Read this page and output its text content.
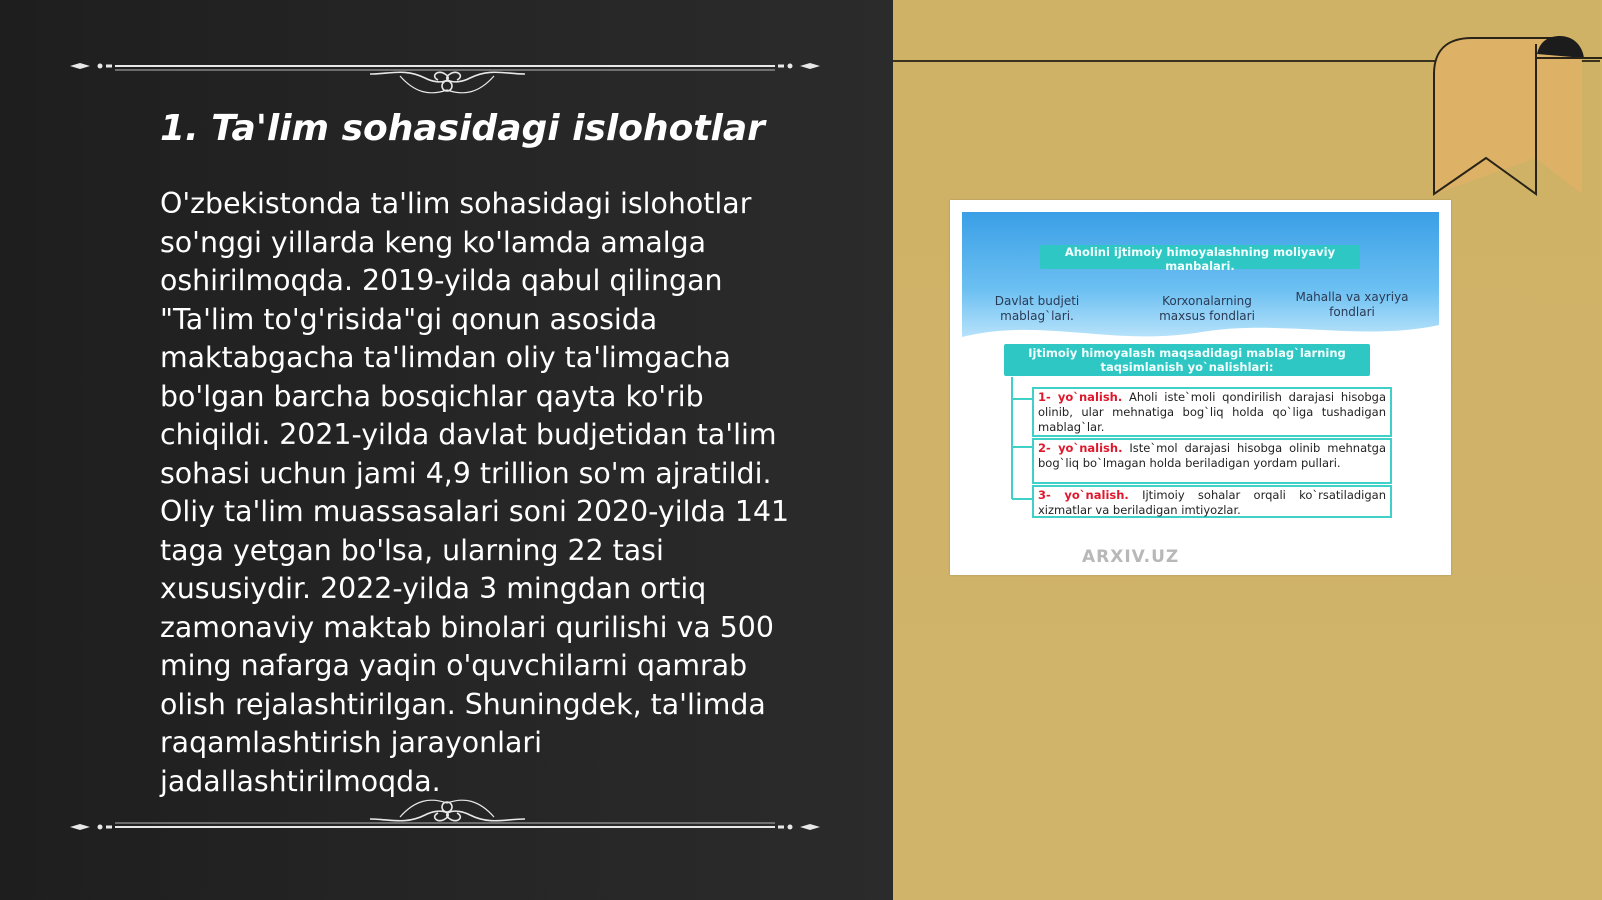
1. Ta'lim sohasidagi islohotlar

O'zbekistonda ta'lim sohasidagi islohotlar so'nggi yillarda keng ko'lamda amalga oshirilmoqda. 2019-yilda qabul qilingan "Ta'lim to'g'risida"gi qonun asosida maktabgacha ta'limdan oliy ta'limgacha bo'lgan barcha bosqichlar qayta ko'rib chiqildi. 2021-yilda davlat budjetidan ta'lim sohasi uchun jami 4,9 trillion so'm ajratildi. Oliy ta'lim muassasalari soni 2020-yilda 141 taga yetgan bo'lsa, ularning 22 tasi xususiydir. 2022-yilda 3 mingdan ortiq zamonaviy maktab binolari qurilishi va 500 ming nafarga yaqin o'quvchilarni qamrab olish rejalashtirilgan. Shuningdek, ta'limda raqamlashtirish jarayonlari jadallashtirilmoqda.

Aholini ijtimoiy himoyalashning moliyaviy manbalari.
Davlat budjeti mablag`lari.
Korxonalarning maxsus fondlari
Mahalla va xayriya fondlari
Ijtimoiy himoyalash maqsadidagi mablag`larning taqsimlanish yo`nalishlari:
1- yo`nalish. Aholi iste`moli qondirilish darajasi hisobga olinib, ular mehnatiga bog`liq holda qo`liga tushadigan mablag`lar.
2- yo`nalish. Iste`mol darajasi hisobga olinib mehnatga bog`liq bo`lmagan holda beriladigan yordam pullari.
3- yo`nalish. Ijtimoiy sohalar orqali ko`rsatiladigan xizmatlar va beriladigan imtiyozlar.
ARXIV.UZ
